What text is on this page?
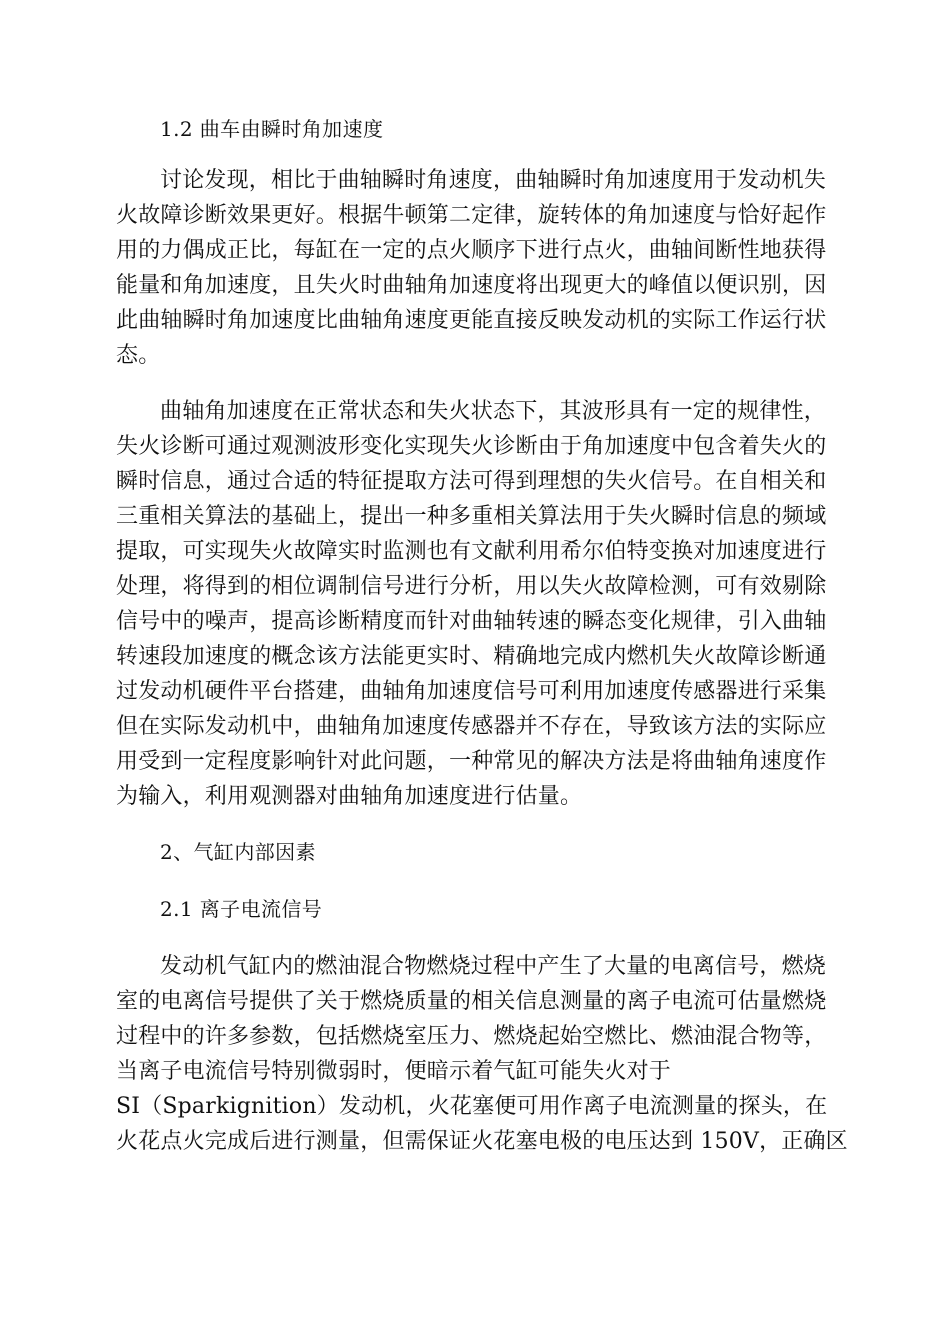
1.2 曲车由瞬时角加速度
讨论发现，相比于曲轴瞬时角速度，曲轴瞬时角加速度用于发动机失
火故障诊断效果更好。根据牛顿第二定律，旋转体的角加速度与恰好起作
用的力偶成正比，每缸在一定的点火顺序下进行点火，曲轴间断性地获得
能量和角加速度，且失火时曲轴角加速度将出现更大的峰值以便识别，因
此曲轴瞬时角加速度比曲轴角速度更能直接反映发动机的实际工作运行状
态。
曲轴角加速度在正常状态和失火状态下，其波形具有一定的规律性，
失火诊断可通过观测波形变化实现失火诊断由于角加速度中包含着失火的
瞬时信息，通过合适的特征提取方法可得到理想的失火信号。在自相关和
三重相关算法的基础上，提出一种多重相关算法用于失火瞬时信息的频域
提取，可实现失火故障实时监测也有文献利用希尔伯特变换对加速度进行
处理，将得到的相位调制信号进行分析，用以失火故障检测，可有效剔除
信号中的噪声，提高诊断精度而针对曲轴转速的瞬态变化规律，引入曲轴
转速段加速度的概念该方法能更实时、精确地完成内燃机失火故障诊断通
过发动机硬件平台搭建，曲轴角加速度信号可利用加速度传感器进行采集
但在实际发动机中，曲轴角加速度传感器并不存在，导致该方法的实际应
用受到一定程度影响针对此问题，一种常见的解决方法是将曲轴角速度作
为输入，利用观测器对曲轴角加速度进行估量。
2、气缸内部因素
2.1 离子电流信号
发动机气缸内的燃油混合物燃烧过程中产生了大量的电离信号，燃烧
室的电离信号提供了关于燃烧质量的相关信息测量的离子电流可估量燃烧
过程中的许多参数，包括燃烧室压力、燃烧起始空燃比、燃油混合物等，
当离子电流信号特别微弱时，便暗示着气缸可能失火对于
SI（Sparkignition）发动机，火花塞便可用作离子电流测量的探头，在
火花点火完成后进行测量，但需保证火花塞电极的电压达到 150V，正确区
